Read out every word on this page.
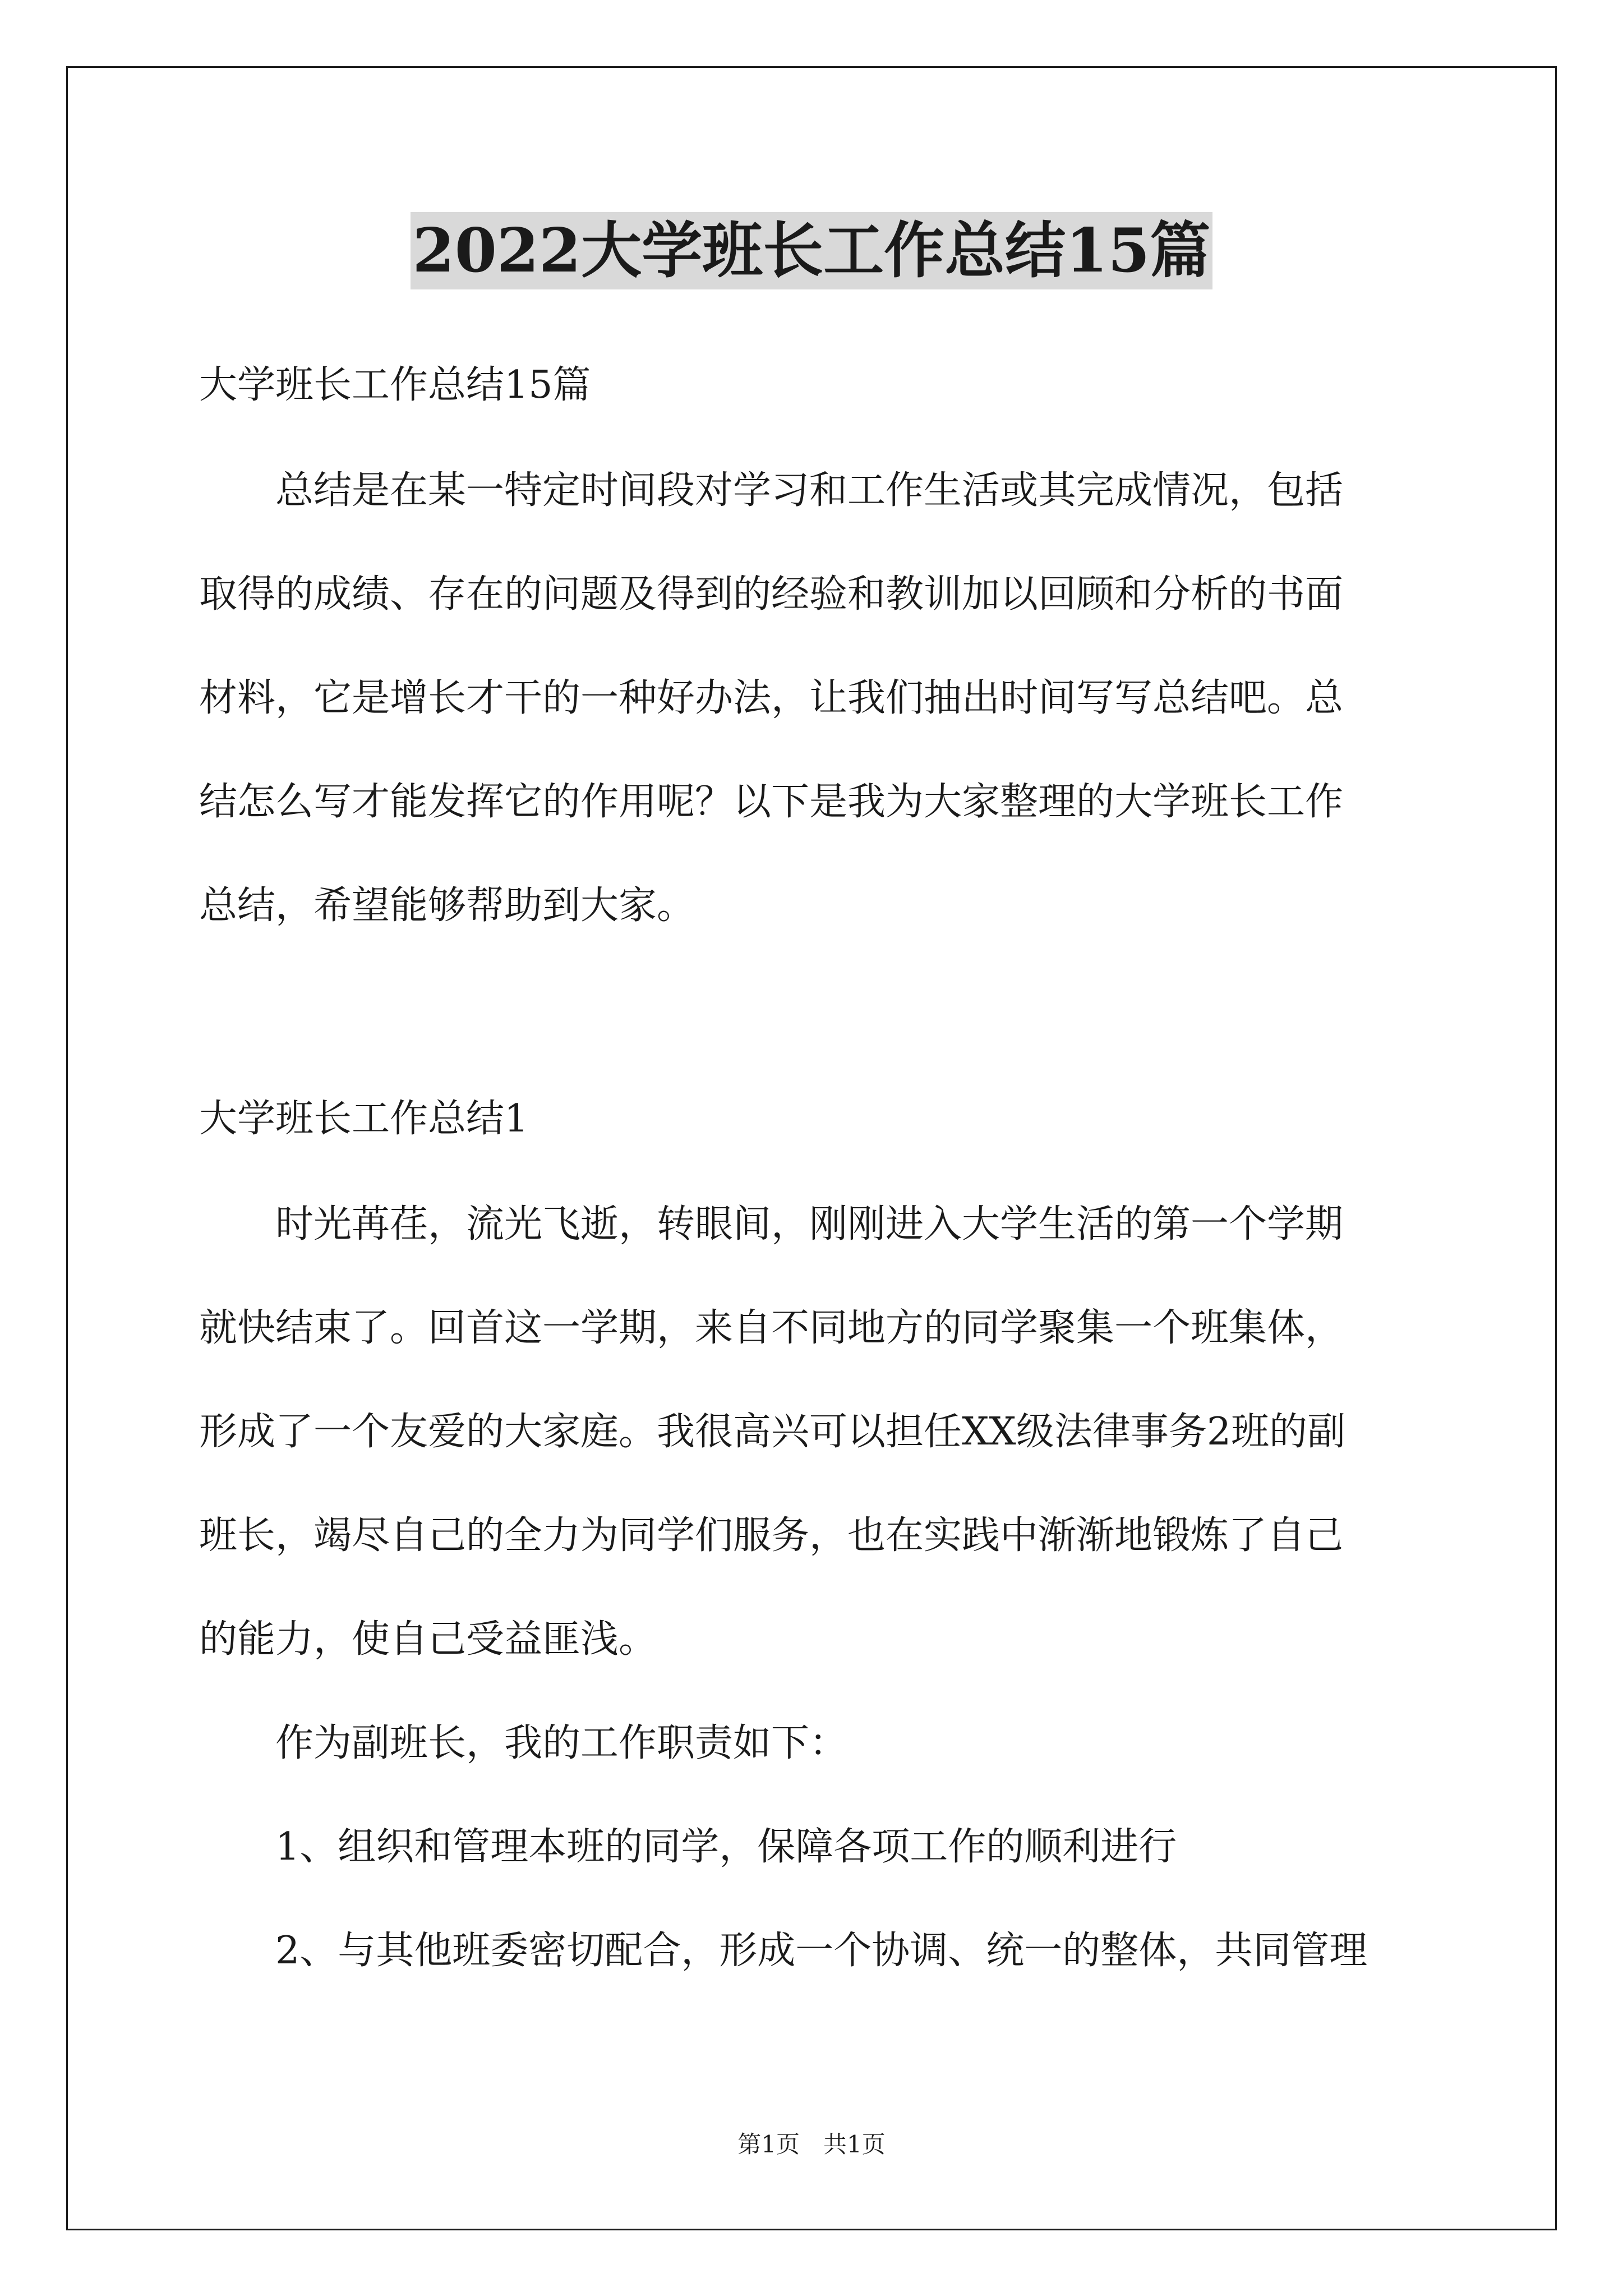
2022大学班长工作总结15篇

大学班长工作总结15篇

　　总结是在某一特定时间段对学习和工作生活或其完成情况，包括

取得的成绩、存在的问题及得到的经验和教训加以回顾和分析的书面

材料，它是增长才干的一种好办法，让我们抽出时间写写总结吧。总

结怎么写才能发挥它的作用呢？以下是我为大家整理的大学班长工作

总结，希望能够帮助到大家。

大学班长工作总结1

　　时光苒荏，流光飞逝，转眼间，刚刚进入大学生活的第一个学期

就快结束了。回首这一学期，来自不同地方的同学聚集一个班集体，

形成了一个友爱的大家庭。我很高兴可以担任XX级法律事务2班的副

班长，竭尽自己的全力为同学们服务，也在实践中渐渐地锻炼了自己

的能力，使自己受益匪浅。

　　作为副班长，我的工作职责如下：

　　1、组织和管理本班的同学，保障各项工作的顺利进行

　　2、与其他班委密切配合，形成一个协调、统一的整体，共同管理

第1页　共1页
